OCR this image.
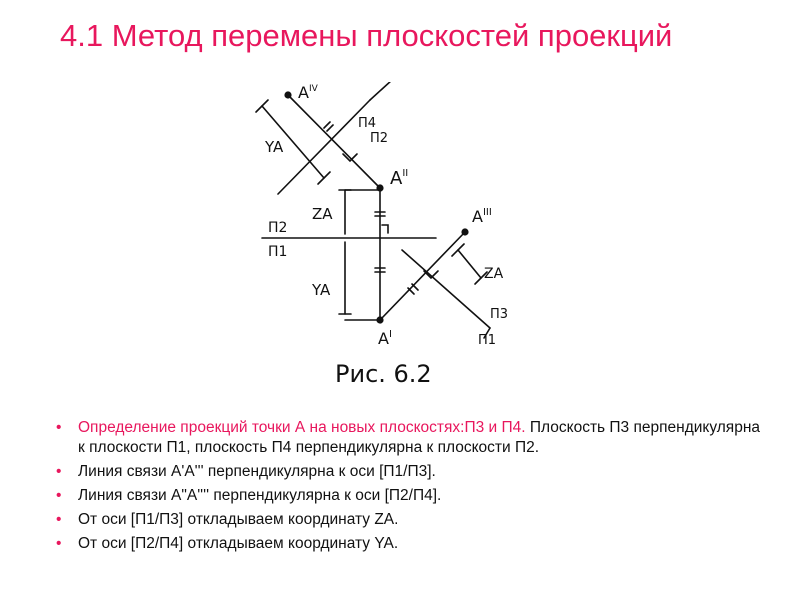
4.1 Метод перемены плоскостей проекций
$A^{IV}$
$A^{II}$
$A^{III}$
$A^I$
П4
П2
YA
ZA
П2
П1
YA
ZA
П3
П1
Рис. 6.2
• Определение проекций точки А на новых плоскостях:П3 и П4. Плоскость П3 перпендикулярна к плоскости П1, плоскость П4 перпендикулярна к плоскости П2.
• Линия связи А'А''' перпендикулярна к оси [П1/П3].
• Линия связи А"А'''' перпендикулярна к оси [П2/П4].
• От оси [П1/П3] откладываем координату ZA.
• От оси [П2/П4] откладываем координату YA.
